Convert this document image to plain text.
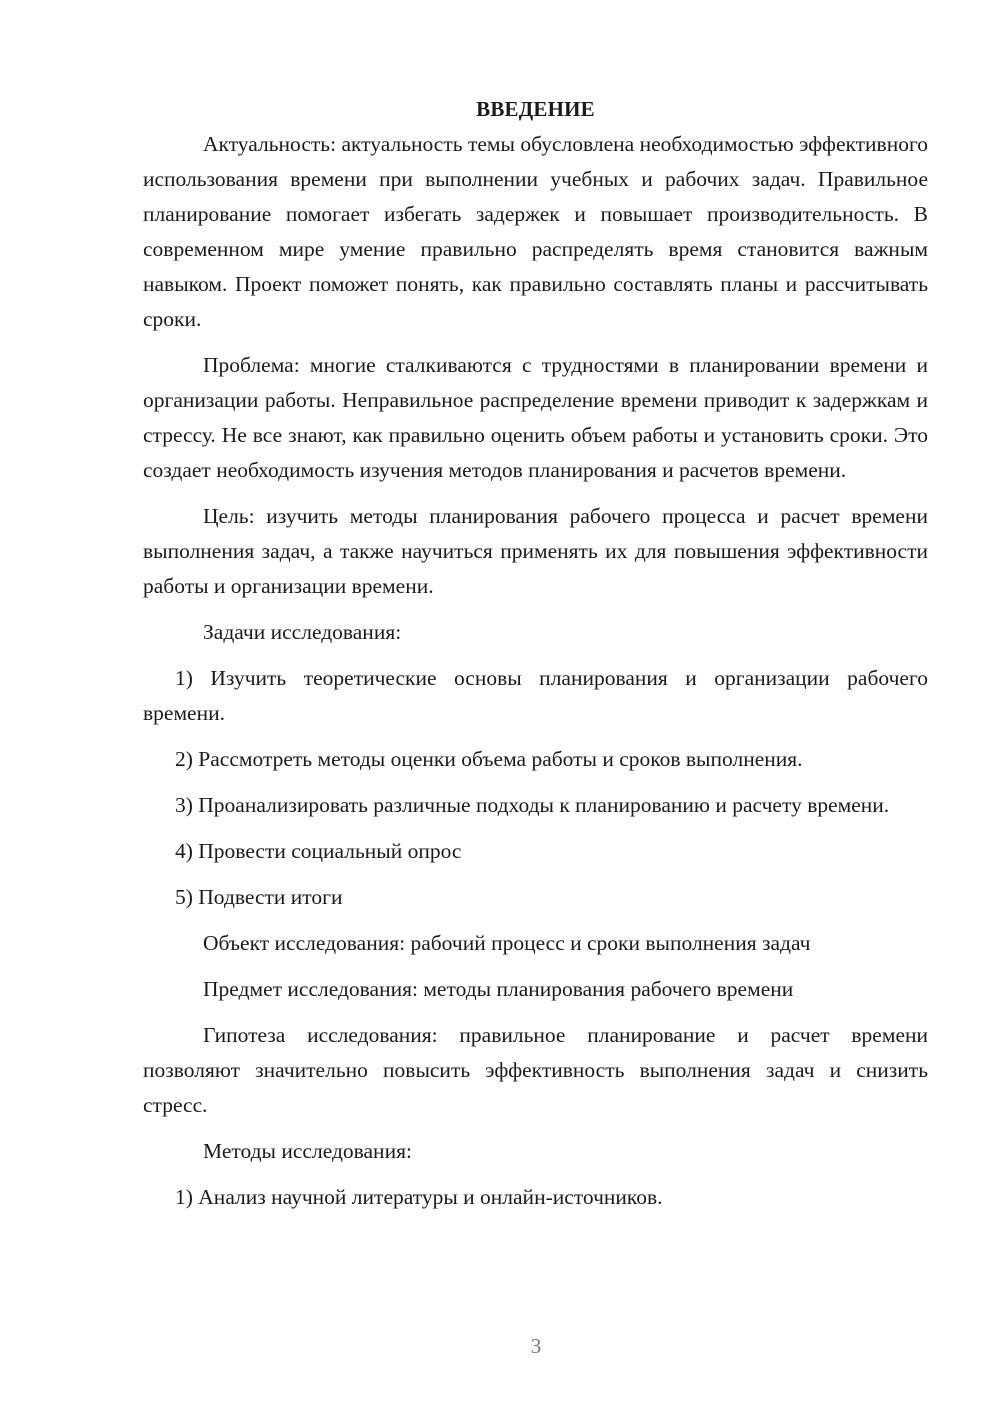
ВВЕДЕНИЕ

Актуальность: актуальность темы обусловлена необходимостью эффективного использования времени при выполнении учебных и рабочих задач. Правильное планирование помогает избегать задержек и повышает производительность. В современном мире умение правильно распределять время становится важным навыком. Проект поможет понять, как правильно составлять планы и рассчитывать сроки.

Проблема: многие сталкиваются с трудностями в планировании времени и организации работы. Неправильное распределение времени приводит к задержкам и стрессу. Не все знают, как правильно оценить объем работы и установить сроки. Это создает необходимость изучения методов планирования и расчетов времени.

Цель: изучить методы планирования рабочего процесса и расчет времени выполнения задач, а также научиться применять их для повышения эффективности работы и организации времени.

Задачи исследования:

1) Изучить теоретические основы планирования и организации рабочего времени.

2) Рассмотреть методы оценки объема работы и сроков выполнения.

3) Проанализировать различные подходы к планированию и расчету времени.

4) Провести социальный опрос

5) Подвести итоги

Объект исследования: рабочий процесс и сроки выполнения задач

Предмет исследования: методы планирования рабочего времени

Гипотеза исследования: правильное планирование и расчет времени позволяют значительно повысить эффективность выполнения задач и снизить стресс.

Методы исследования:

1) Анализ научной литературы и онлайн-источников.

3
